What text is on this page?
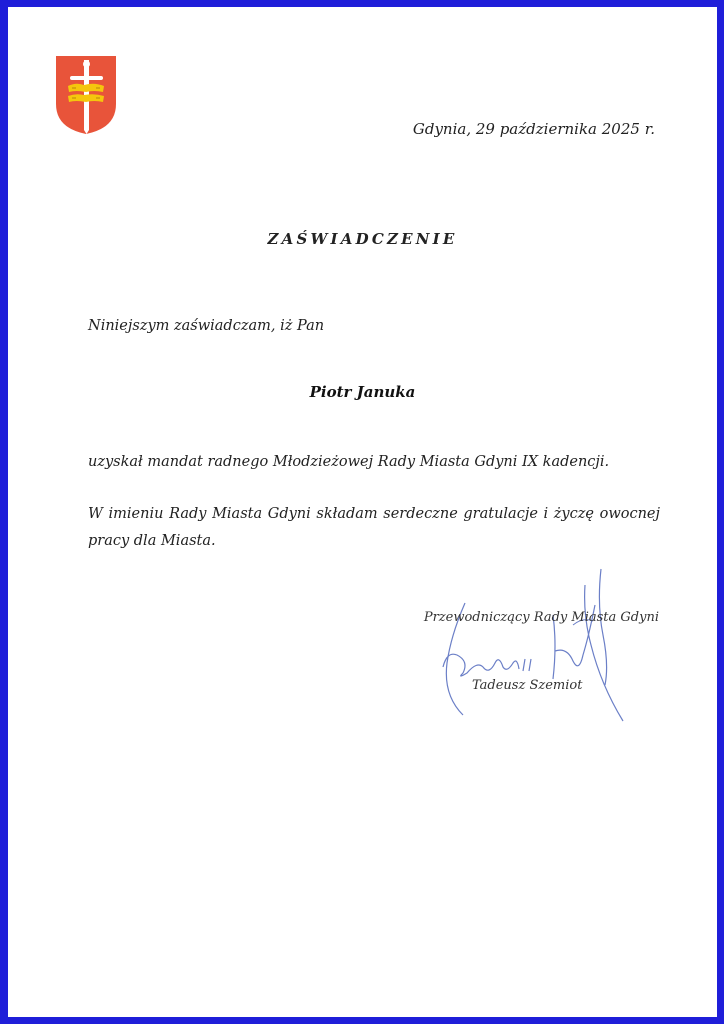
Gdynia, 29 października 2025 r.
ZAŚWIADCZENIE
Niniejszym zaświadczam, iż Pan
Piotr Januka
uzyskał mandat radnego Młodzieżowej Rady Miasta Gdyni IX kadencji.
W imieniu Rady Miasta Gdyni składam serdeczne gratulacje i życzę owocnej pracy dla Miasta.
Przewodniczący Rady Miasta Gdyni
Tadeusz Szemiot
